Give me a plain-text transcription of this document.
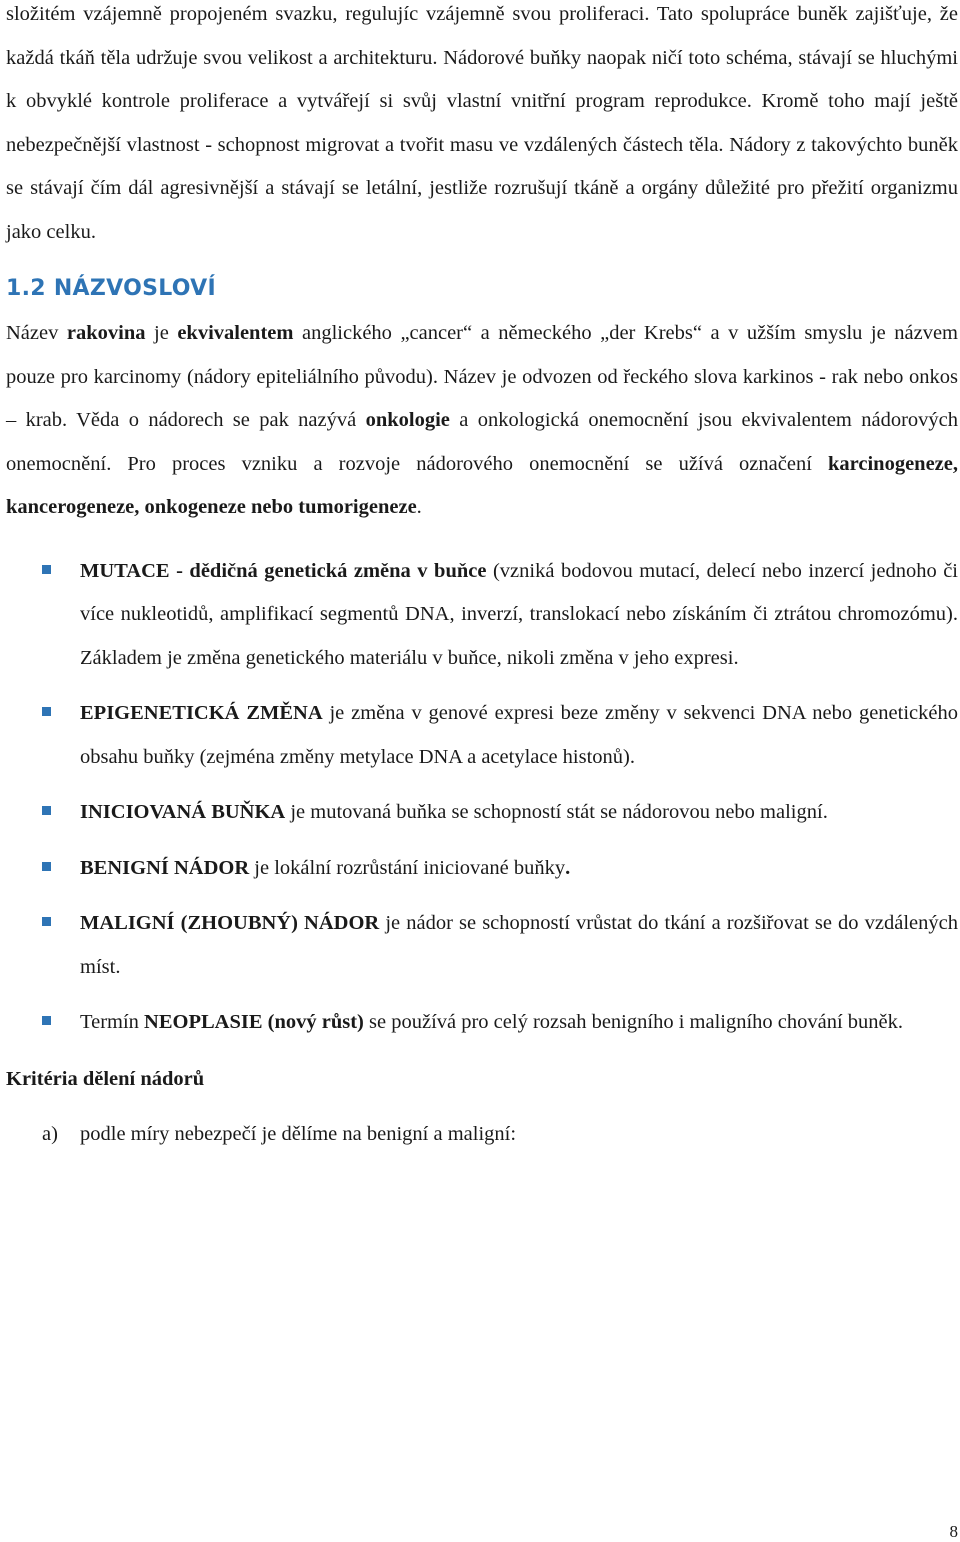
složitém vzájemně propojeném svazku, regulujíc vzájemně svou proliferaci. Tato spolupráce buněk zajišťuje, že každá tkáň těla udržuje svou velikost a architekturu. Nádorové buňky naopak ničí toto schéma, stávají se hluchými k obvyklé kontrole proliferace a vytvářejí si svůj vlastní vnitřní program reprodukce. Kromě toho mají ještě nebezpečnější vlastnost - schopnost migrovat a tvořit masu ve vzdálených částech těla. Nádory z takovýchto buněk se stávají čím dál agresivnější a stávají se letální, jestliže rozrušují tkáně a orgány důležité pro přežití organizmu jako celku.

1.2 NÁZVOSLOVÍ

Název rakovina je ekvivalentem anglického „cancer“ a německého „der Krebs“ a v užším smyslu je názvem pouze pro karcinomy (nádory epiteliálního původu). Název je odvozen od řeckého slova karkinos - rak nebo onkos – krab. Věda o nádorech se pak nazývá onkologie a onkologická onemocnění jsou ekvivalentem nádorových onemocnění. Pro proces vzniku a rozvoje nádorového onemocnění se užívá označení karcinogeneze, kancerogeneze, onkogeneze nebo tumorigeneze.

MUTACE - dědičná genetická změna v buňce (vzniká bodovou mutací, delecí nebo inzercí jednoho či více nukleotidů, amplifikací segmentů DNA, inverzí, translokací nebo získáním či ztrátou chromozómu). Základem je změna genetického materiálu v buňce, nikoli změna v jeho expresi.
EPIGENETICKÁ ZMĚNA je změna v genové expresi beze změny v sekvenci DNA nebo genetického obsahu buňky (zejména změny metylace DNA a acetylace histonů).
INICIOVANÁ BUŇKA je mutovaná buňka se schopností stát se nádorovou nebo maligní.
BENIGNÍ NÁDOR je lokální rozrůstání iniciované buňky.
MALIGNÍ (ZHOUBNÝ) NÁDOR je nádor se schopností vrůstat do tkání a rozšiřovat se do vzdálených míst.
Termín NEOPLASIE (nový růst) se používá pro celý rozsah benigního i maligního chování buněk.
Kritéria dělení nádorů
a) podle míry nebezpečí je dělíme na benigní a maligní:
8
